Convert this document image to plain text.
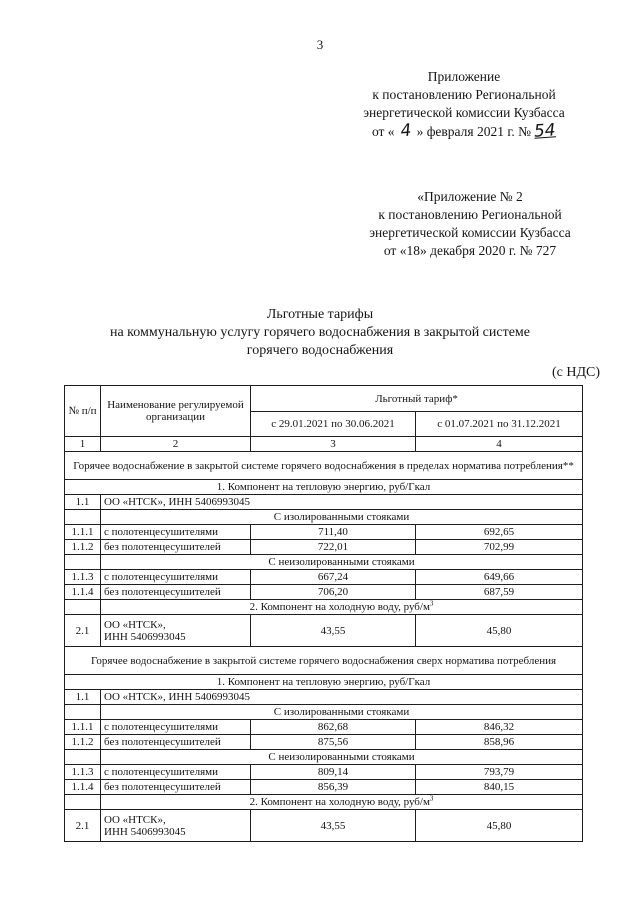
3
Приложение
к постановлению Региональной
энергетической комиссии Кузбасса
от « 4 » февраля 2021 г. № 54
«Приложение № 2
к постановлению Региональной
энергетической комиссии Кузбасса
от «18» декабря 2020 г. № 727
Льготные тарифы
на коммунальную услугу горячего водоснабжения в закрытой системе
горячего водоснабжения
(с НДС)
№ п/п	Наименование регулируемой организации	Льготный тариф*	
		с 29.01.2021 по 30.06.2021	с 01.07.2021 по 31.12.2021
1	2	3	4
Горячее водоснабжение в закрытой системе горячего водоснабжения в пределах норматива потребления**			
1. Компонент на тепловую энергию, руб/Гкал			
1.1	ОО «НТСК», ИНН 5406993045		
	С изолированными стояками		
1.1.1	с полотенцесушителями	711,40	692,65
1.1.2	без полотенцесушителей	722,01	702,99
	С неизолированными стояками		
1.1.3	с полотенцесушителями	667,24	649,66
1.1.4	без полотенцесушителей	706,20	687,59
	2. Компонент на холодную воду, руб/$м^3$
2.1	ОО «НТСК»,
ИНН 5406993045	43,55	45,80
Горячее водоснабжение в закрытой системе горячего водоснабжения сверх норматива потребления			
1. Компонент на тепловую энергию, руб/Гкал			
1.1	ОО «НТСК», ИНН 5406993045		
	С изолированными стояками		
1.1.1	с полотенцесушителями	862,68	846,32
1.1.2	без полотенцесушителей	875,56	858,96
	С неизолированными стояками		
1.1.3	с полотенцесушителями	809,14	793,79
1.1.4	без полотенцесушителей	856,39	840,15
	2. Компонент на холодную воду, руб/$м^3$
2.1	ОО «НТСК»,
ИНН 5406993045	43,55	45,80
